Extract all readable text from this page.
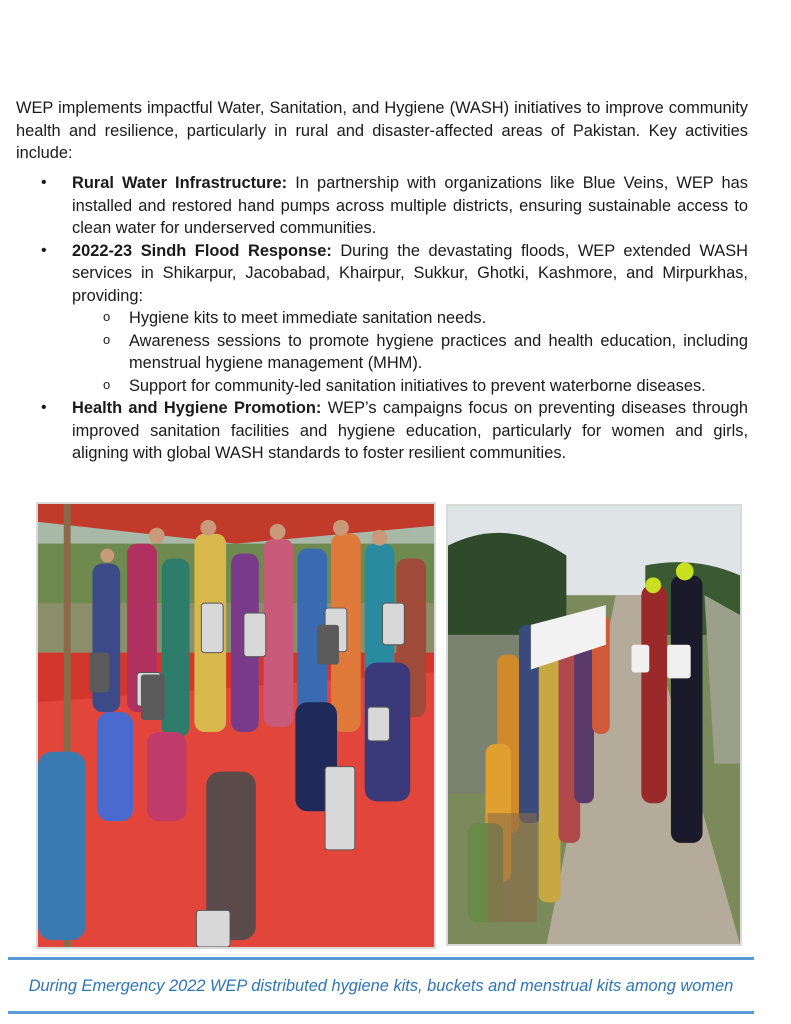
WEP implements impactful Water, Sanitation, and Hygiene (WASH) initiatives to improve community health and resilience, particularly in rural and disaster-affected areas of Pakistan. Key activities include:

• Rural Water Infrastructure: In partnership with organizations like Blue Veins, WEP has installed and restored hand pumps across multiple districts, ensuring sustainable access to clean water for underserved communities.
• 2022-23 Sindh Flood Response: During the devastating floods, WEP extended WASH services in Shikarpur, Jacobabad, Khairpur, Sukkur, Ghotki, Kashmore, and Mirpurkhas, providing:
o Hygiene kits to meet immediate sanitation needs.
o Awareness sessions to promote hygiene practices and health education, including menstrual hygiene management (MHM).
o Support for community-led sanitation initiatives to prevent waterborne diseases.
• Health and Hygiene Promotion: WEP’s campaigns focus on preventing diseases through improved sanitation facilities and hygiene education, particularly for women and girls, aligning with global WASH standards to foster resilient communities.
During Emergency 2022 WEP distributed hygiene kits, buckets and menstrual kits among women
